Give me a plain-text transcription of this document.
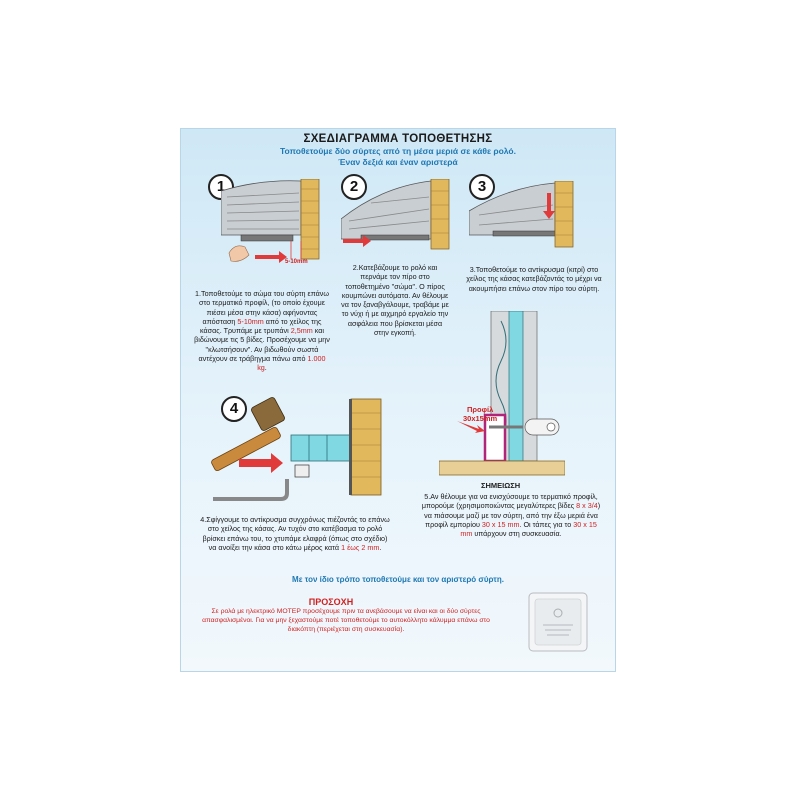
ΣΧΕΔΙΑΓΡΑΜΜΑ ΤΟΠΟΘΕΤΗΣΗΣ
Τοποθετούμε δύο σύρτες από τη μέσα μεριά σε κάθε ρολό.
Έναν δεξιά και έναν αριστερά
1
5-10mm
1.Τοποθετούμε το σώμα του σύρτη επάνω στο τερματικό προφίλ, (το οποίο έχουμε πιέσει μέσα στην κάσα) αφήνοντας απόσταση 5-10mm από το χείλος της κάσας. Τρυπάμε με τρυπάνι 2,5mm και βιδώνουμε τις 5 βίδες. Προσέχουμε να μην "κλωτσήσουν". Αν βιδωθούν σωστά αντέχουν σε τράβηγμα πάνω από 1.000 kg.
2
2.Κατεβάζουμε το ρολό και περνάμε τον πίρο στο τοποθετημένο "σώμα". Ο πίρος κουμπώνει αυτόματα. Αν θέλουμε να τον ξαναβγάλουμε, τραβάμε με το νύχι ή με αιχμηρό εργαλείο την ασφάλεια που βρίσκεται μέσα στην εγκοπή.
3
3.Τοποθετούμε το αντίκρυσμα (κιτρί) στο χείλος της κάσας κατεβάζοντάς το μέχρι να ακουμπήσει επάνω στον πίρο του σύρτη.
4
4.Σφίγγουμε το αντίκρυσμα συγχρόνως πιέζοντάς το επάνω στο χείλος της κάσας. Αν τυχόν στο κατέβασμα το ρολό βρίσκει επάνω του, το χτυπάμε ελαφρά (όπως στο σχέδιο) να ανοίξει την κάσα στο κάτω μέρος κατά 1 έως 2 mm.
Προφίλ
30x15mm
ΣΗΜΕΙΩΣΗ
5.Αν θέλουμε για να ενισχύσουμε το τερματικό προφίλ, μπορούμε (χρησιμοποιώντας μεγαλύτερες βίδες 8 x 3/4) να πιάσουμε μαζί με τον σύρτη, από την έξω μεριά ένα προφίλ εμπορίου 30 x 15 mm. Οι τάπες για το 30 x 15 mm υπάρχουν στη συσκευασία.
Με τον ίδιο τρόπο τοποθετούμε και τον αριστερό σύρτη.
ΠΡΟΣΟΧΗ
Σε ρολά με ηλεκτρικό ΜΟΤΕΡ προσέχουμε πριν τα ανεβάσουμε να είναι και οι δύο σύρτες απασφαλισμένοι. Για να μην ξεχαστούμε ποτέ τοποθετούμε το αυτοκόλλητο κάλυμμα επάνω στο διακόπτη (περιέχεται στη συσκευασία).
